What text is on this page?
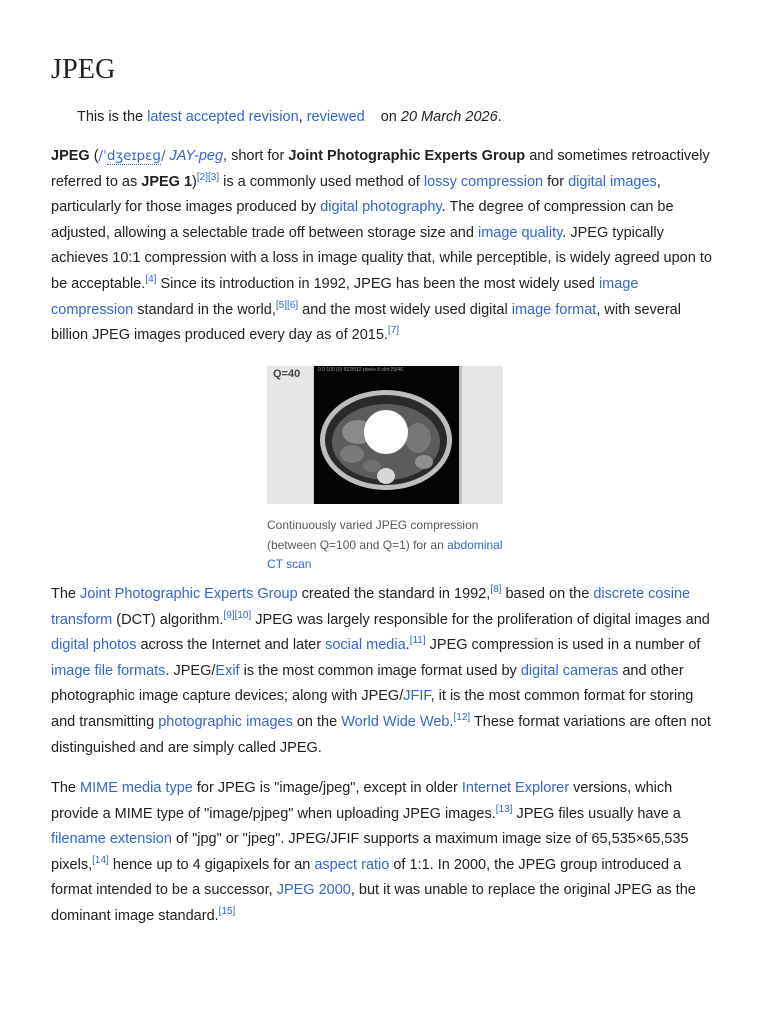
JPEG
This is the latest accepted revision, reviewed on 20 March 2026.

JPEG (/ˈdʒeɪpɛɡ/ JAY-peg, short for Joint Photographic Experts Group and sometimes retroactively referred to as JPEG 1)[2][3] is a commonly used method of lossy compression for digital images, particularly for those images produced by digital photography. The degree of compression can be adjusted, allowing a selectable trade off between storage size and image quality. JPEG typically achieves 10:1 compression with a loss in image quality that, while perceptible, is widely agreed upon to be acceptable.[4] Since its introduction in 1992, JPEG has been the most widely used image compression standard in the world,[5][6] and the most widely used digital image format, with several billion JPEG images produced every day as of 2015.[7]

Q=40	0.0 100 (0) 512/512 pixels 8 slot 29/46
Continuously varied JPEG compression (between Q=100 and Q=1) for an abdominal CT scan

The Joint Photographic Experts Group created the standard in 1992,[8] based on the discrete cosine transform (DCT) algorithm.[9][10] JPEG was largely responsible for the proliferation of digital images and digital photos across the Internet and later social media.[11] JPEG compression is used in a number of image file formats. JPEG/Exif is the most common image format used by digital cameras and other photographic image capture devices; along with JPEG/JFIF, it is the most common format for storing and transmitting photographic images on the World Wide Web.[12] These format variations are often not distinguished and are simply called JPEG.

The MIME media type for JPEG is "image/jpeg", except in older Internet Explorer versions, which provide a MIME type of "image/pjpeg" when uploading JPEG images.[13] JPEG files usually have a filename extension of "jpg" or "jpeg". JPEG/JFIF supports a maximum image size of 65,535×65,535 pixels,[14] hence up to 4 gigapixels for an aspect ratio of 1:1. In 2000, the JPEG group introduced a format intended to be a successor, JPEG 2000, but it was unable to replace the original JPEG as the dominant image standard.[15]
